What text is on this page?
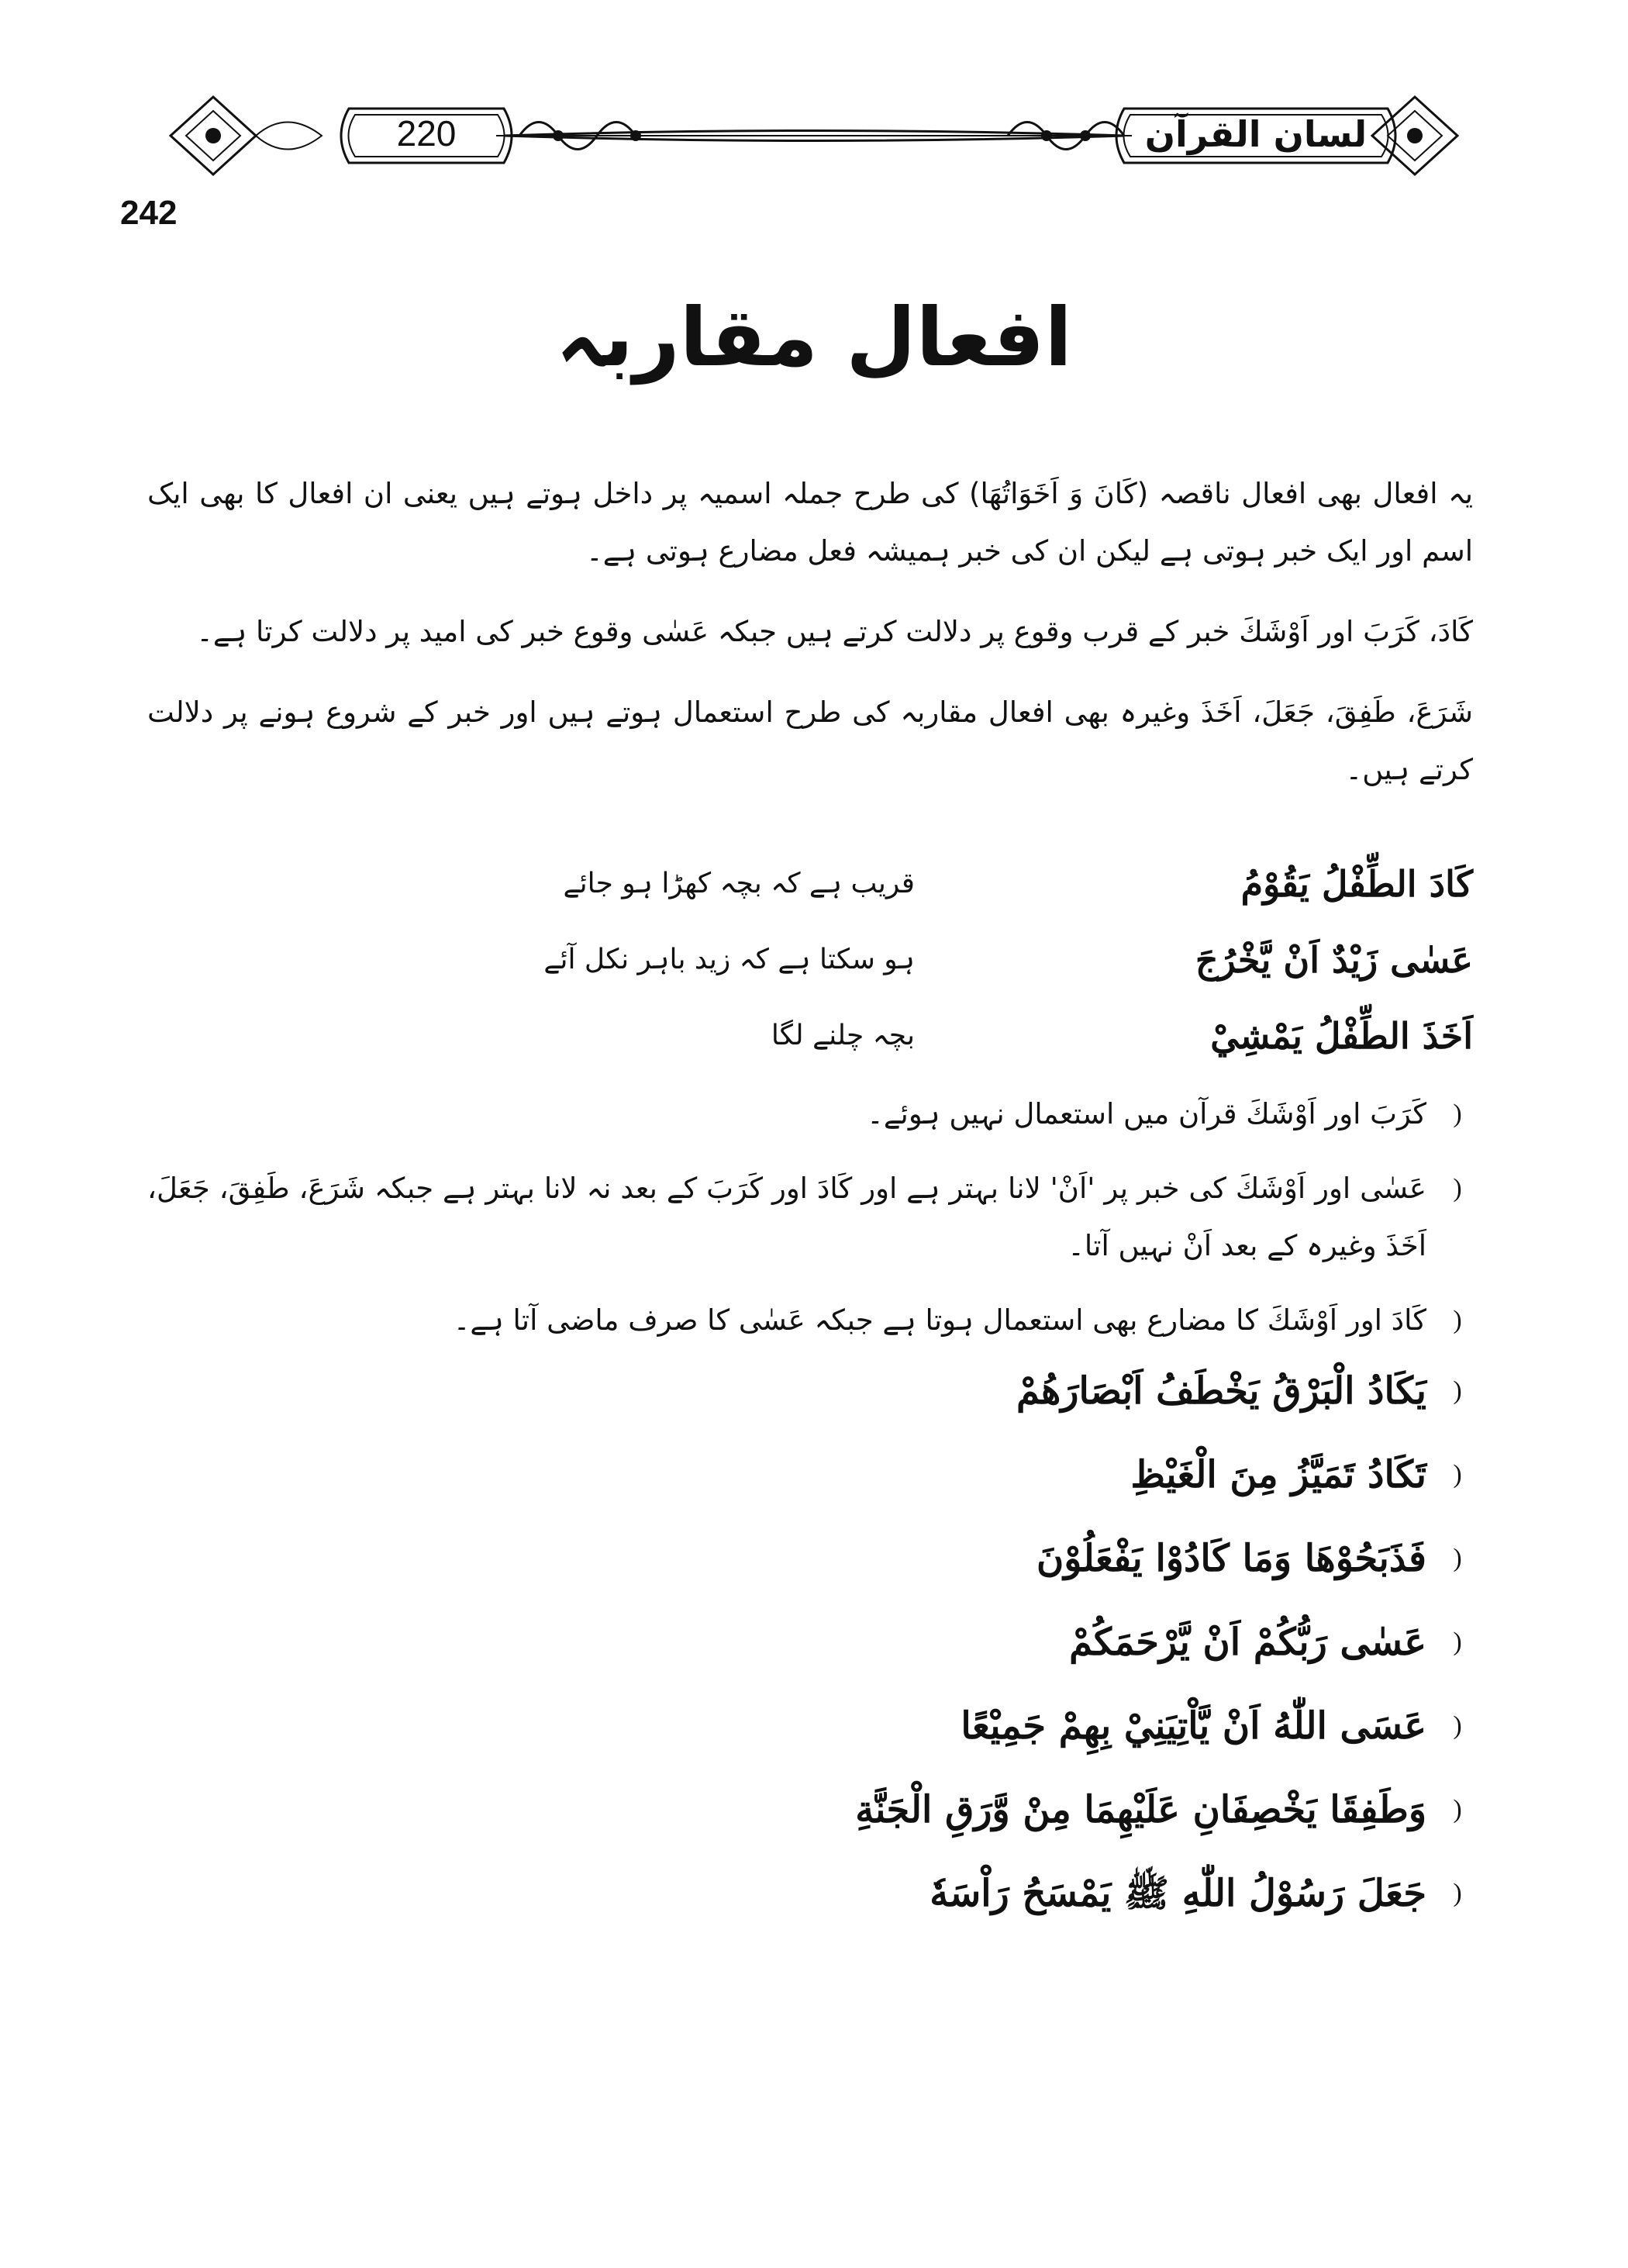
220	لسان القرآن
242
افعال مقاربہ

یہ افعال بھی افعال ناقصہ (کَانَ وَ اَخَوَاتُھَا) کی طرح جملہ اسمیہ پر داخل ہوتے ہیں یعنی ان افعال کا بھی ایک اسم اور ایک خبر ہوتی ہے لیکن ان کی خبر ہمیشہ فعل مضارع ہوتی ہے۔

کَادَ، کَرَبَ اور اَوْشَكَ خبر کے قرب وقوع پر دلالت کرتے ہیں جبکہ عَسٰی وقوع خبر کی امید پر دلالت کرتا ہے۔

شَرَعَ، طَفِقَ، جَعَلَ، اَخَذَ وغیرہ بھی افعال مقاربہ کی طرح استعمال ہوتے ہیں اور خبر کے شروع ہونے پر دلالت کرتے ہیں۔

كَادَ الطِّفْلُ يَقُوْمُ
قریب ہے کہ بچہ کھڑا ہو جائے
عَسٰی زَيْدٌ اَنْ يَّخْرُجَ
ہو سکتا ہے کہ زید باہر نکل آئے
اَخَذَ الطِّفْلُ يَمْشِيْ
بچہ چلنے لگا
(
کَرَبَ اور اَوْشَكَ قرآن میں استعمال نہیں ہوئے۔
(
عَسٰی اور اَوْشَكَ کی خبر پر 'اَنْ' لانا بہتر ہے اور کَادَ اور کَرَبَ کے بعد نہ لانا بہتر ہے جبکہ شَرَعَ، طَفِقَ، جَعَلَ، اَخَذَ وغیرہ کے بعد اَنْ نہیں آتا۔
(
کَادَ اور اَوْشَكَ کا مضارع بھی استعمال ہوتا ہے جبکہ عَسٰی کا صرف ماضی آتا ہے۔
(
يَكَادُ الْبَرْقُ يَخْطَفُ اَبْصَارَهُمْ
(
تَكَادُ تَمَيَّزُ مِنَ الْغَيْظِ
(
فَذَبَحُوْهَا وَمَا كَادُوْا يَفْعَلُوْنَ
(
عَسٰی رَبُّكُمْ اَنْ يَّرْحَمَكُمْ
(
عَسَى اللّٰهُ اَنْ يَّاْتِيَنِيْ بِهِمْ جَمِيْعًا
(
وَطَفِقَا يَخْصِفَانِ عَلَيْهِمَا مِنْ وَّرَقِ الْجَنَّةِ
(
جَعَلَ رَسُوْلُ اللّٰهِ ﷺ يَمْسَحُ رَاْسَهٗ
